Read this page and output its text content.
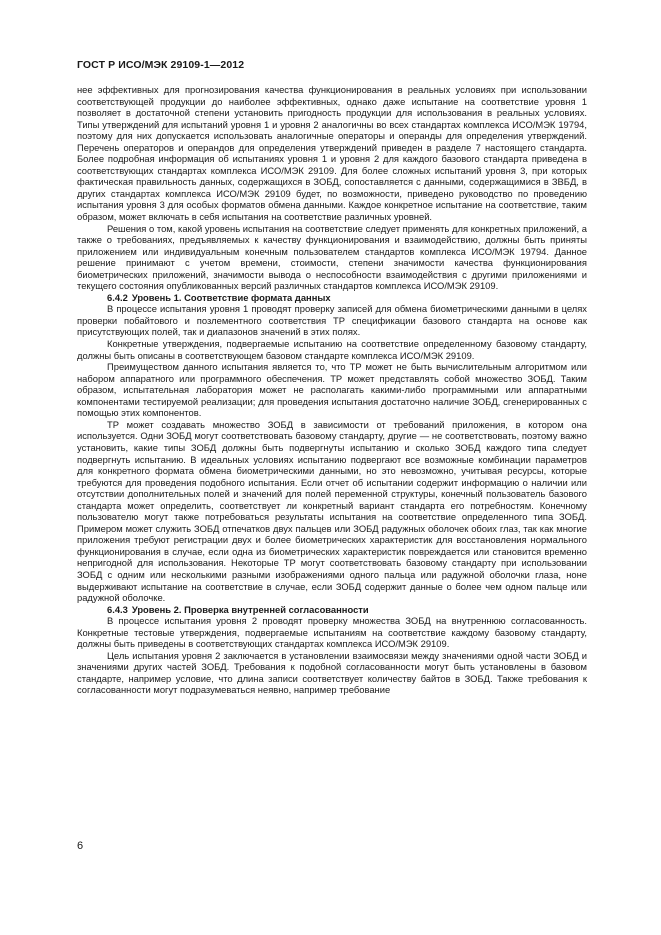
ГОСТ Р ИСО/МЭК 29109-1—2012

нее эффективных для прогнозирования качества функционирования в реальных условиях при использовании соответствующей продукции до наиболее эффективных, однако даже испытание на соответствие уровня 1 позволяет в достаточной степени установить пригодность продукции для использования в реальных условиях. Типы утверждений для испытаний уровня 1 и уровня 2 аналогичны во всех стандартах комплекса ИСО/МЭК 19794, поэтому для них допускается использовать аналогичные операторы и операнды для определения утверждений. Перечень операторов и операндов для определения утверждений приведен в разделе 7 настоящего стандарта. Более подробная информация об испытаниях уровня 1 и уровня 2 для каждого базового стандарта приведена в соответствующих стандартах комплекса ИСО/МЭК 29109. Для более сложных испытаний уровня 3, при которых фактическая правильность данных, содержащихся в ЗОБД, сопоставляется с данными, содержащимися в ЗВБД, в других стандартах комплекса ИСО/МЭК 29109 будет, по возможности, приведено руководство по проведению испытания уровня 3 для особых форматов обмена данными. Каждое конкретное испытание на соответствие, таким образом, может включать в себя испытания на соответствие различных уровней.

Решения о том, какой уровень испытания на соответствие следует применять для конкретных приложений, а также о требованиях, предъявляемых к качеству функционирования и взаимодействию, должны быть приняты приложением или индивидуальным конечным пользователем стандартов комплекса ИСО/МЭК 19794. Данное решение принимают с учетом времени, стоимости, степени значимости качества функционирования биометрических приложений, значимости вывода о неспособности взаимодействия с другими приложениями и текущего состояния опубликованных версий различных стандартов комплекса ИСО/МЭК 29109.

6.4.2 Уровень 1. Соответствие формата данных

В процессе испытания уровня 1 проводят проверку записей для обмена биометрическими данными в целях проверки побайтового и позлементного соответствия ТР спецификации базового стандарта на основе как присутствующих полей, так и диапазонов значений в этих полях.

Конкретные утверждения, подвергаемые испытанию на соответствие определенному базовому стандарту, должны быть описаны в соответствующем базовом стандарте комплекса ИСО/МЭК 29109.

Преимуществом данного испытания является то, что ТР может не быть вычислительным алгоритмом или набором аппаратного или программного обеспечения. ТР может представлять собой множество ЗОБД. Таким образом, испытательная лаборатория может не располагать какими-либо программными или аппаратными компонентами тестируемой реализации; для проведения испытания достаточно наличие ЗОБД, сгенерированных с помощью этих компонентов.

ТР может создавать множество ЗОБД в зависимости от требований приложения, в котором она используется. Одни ЗОБД могут соответствовать базовому стандарту, другие — не соответствовать, поэтому важно установить, какие типы ЗОБД должны быть подвергнуты испытанию и сколько ЗОБД каждого типа следует подвергнуть испытанию. В идеальных условиях испытанию подвергают все возможные комбинации параметров для конкретного формата обмена биометрическими данными, но это невозможно, учитывая ресурсы, которые требуются для проведения подобного испытания. Если отчет об испытании содержит информацию о наличии или отсутствии дополнительных полей и значений для полей переменной структуры, конечный пользователь базового стандарта может определить, соответствует ли конкретный вариант стандарта его потребностям. Конечному пользователю могут также потребоваться результаты испытания на соответствие определенного типа ЗОБД. Примером может служить ЗОБД отпечатков двух пальцев или ЗОБД радужных оболочек обоих глаз, так как многие приложения требуют регистрации двух и более биометрических характеристик для восстановления нормального функционирования в случае, если одна из биометрических характеристик повреждается или становится временно непригодной для использования. Некоторые ТР могут соответствовать базовому стандарту при использовании ЗОБД с одним или несколькими разными изображениями одного пальца или радужной оболочки глаза, ноне выдерживают испытание на соответствие в случае, если ЗОБД содержит данные о более чем одном пальце или радужной оболочке.

6.4.3 Уровень 2. Проверка внутренней согласованности

В процессе испытания уровня 2 проводят проверку множества ЗОБД на внутреннюю согласованность. Конкретные тестовые утверждения, подвергаемые испытаниям на соответствие каждому базовому стандарту, должны быть приведены в соответствующих стандартах комплекса ИСО/МЭК 29109.

Цель испытания уровня 2 заключается в установлении взаимосвязи между значениями одной части ЗОБД и значениями других частей ЗОБД. Требования к подобной согласованности могут быть установлены в базовом стандарте, например условие, что длина записи соответствует количеству байтов в ЗОБД. Также требования к согласованности могут подразумеваться неявно, например требование

6
